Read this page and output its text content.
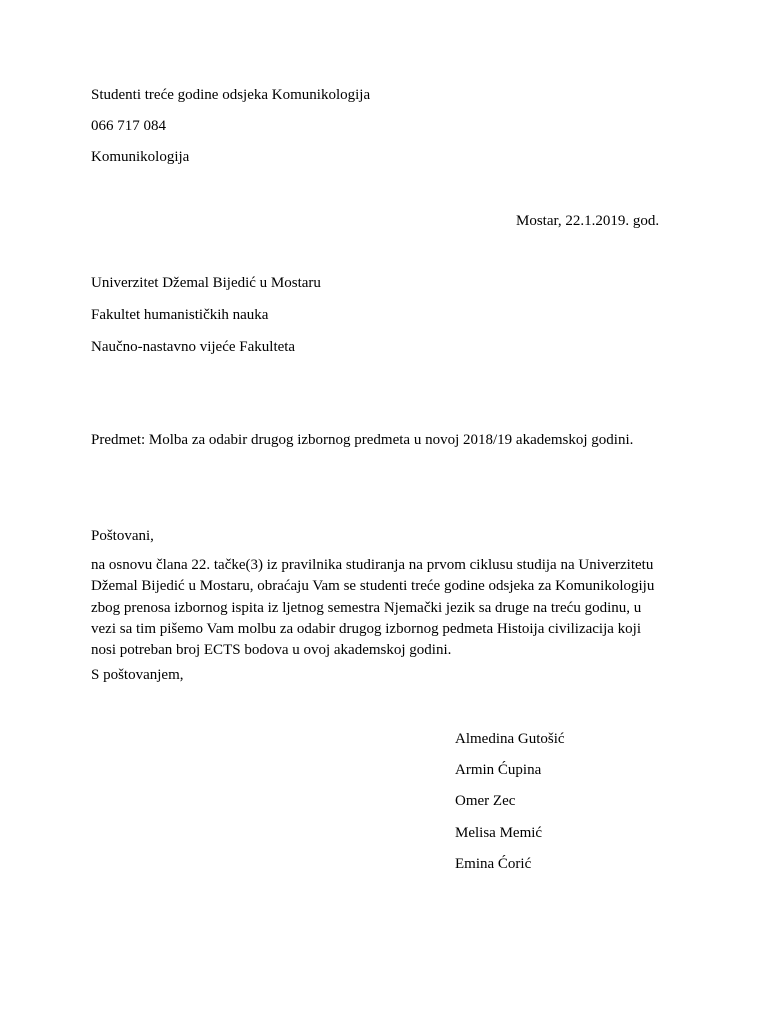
Studenti treće godine odsjeka Komunikologija
066 717 084
Komunikologija
Mostar, 22.1.2019. god.
Univerzitet Džemal Bijedić u Mostaru
Fakultet humanističkih nauka
Naučno-nastavno vijeće Fakulteta
Predmet: Molba za odabir drugog izbornog predmeta u novoj 2018/19 akademskoj godini.
Poštovani,
na osnovu člana 22. tačke(3) iz pravilnika studiranja na prvom ciklusu studija na Univerzitetu
Džemal Bijedić u Mostaru, obraćaju Vam se studenti treće godine odsjeka za Komunikologiju
zbog prenosa izbornog ispita iz ljetnog semestra Njemački jezik sa druge na treću godinu, u
vezi sa tim pišemo Vam molbu za odabir drugog izbornog pedmeta Histoija civilizacija koji
nosi potreban broj ECTS bodova u ovoj akademskoj godini.
S poštovanjem,
Almedina Gutošić
Armin Ćupina
Omer Zec
Melisa Memić
Emina Ćorić
